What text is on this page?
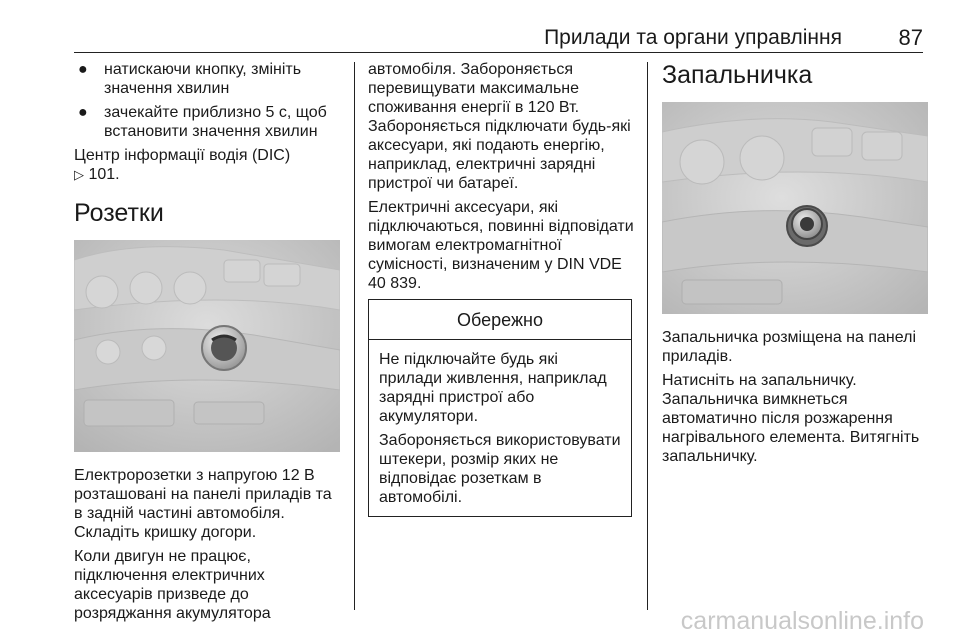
Прилади та органи управління	87
● натискаючи кнопку, змініть значення хвилин
● зачекайте приблизно 5 с, щоб встановити значення хвилин

Центр інформації водія (DIC)
▷ 101.

Розетки

Електророзетки з напругою 12 В розташовані на панелі приладів та в задній частині автомобіля. Складіть кришку догори.

Коли двигун не працює, підключення електричних аксесуарів призведе до розряджання акумулятора

автомобіля. Забороняється перевищувати максимальне споживання енергії в 120 Вт. Забороняється підключати будь-які аксесуари, які подають енергію, наприклад, електричні зарядні пристрої чи батареї.

Електричні аксесуари, які підключаються, повинні відповідати вимогам електромагнітної сумісності, визначеним у DIN VDE 40 839.

Обережно

Не підключайте будь які прилади живлення, наприклад зарядні пристрої або акумулятори.

Забороняється використовувати штекери, розмір яких не відповідає розеткам в автомобілі.

Запальничка

Запальничка розміщена на панелі приладів.

Натисніть на запальничку. Запальничка вимкнеться автоматично після розжарення нагрівального елемента. Витягніть запальничку.

carmanualsonline.info
